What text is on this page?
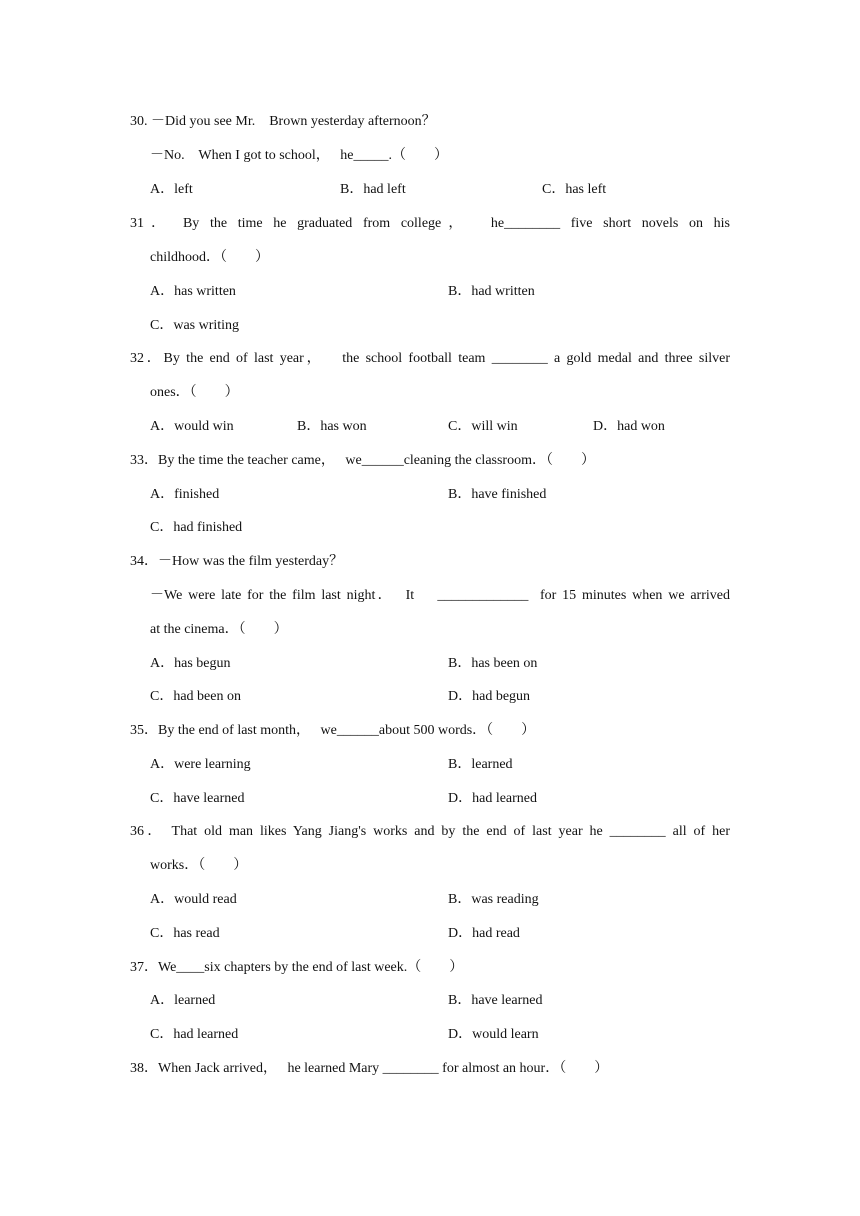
30. －Did you see Mr.    Brown yesterday afternoon？
－No.    When I got to school，   he_____.（        ）
A．left	B．had left	C．has left
31． By the time he graduated from college，  he________ five short novels on his
childhood．（        ）
A．has written	B．had written
C．was writing
32．By the end of last year，   the school football team ________ a gold medal and three silver
ones．（        ）
A．would win	B．has won	C．will win	D．had won
33．By the time the teacher came，   we______cleaning the classroom．（        ）
A．finished	B．have finished
C．had finished
34．－How was the film yesterday？
－We were late for the film last night．  It    _____________  for 15 minutes when we arrived
at the cinema．（        ）
A．has begun	B．has been on
C．had been on	D．had begun
35．By the end of last month，   we______about 500 words．（        ）
A．were learning	B．learned
C．have learned	D．had learned
36． That old man likes Yang Jiang's works and by the end of last year he ________ all of her
works．（        ）
A．would read	B．was reading
C．has read	D．had read
37．We____six chapters by the end of last week.（        ）
A．learned	B．have learned
C．had learned	D．would learn
38．When Jack arrived，   he learned Mary ________ for almost an hour．（        ）
